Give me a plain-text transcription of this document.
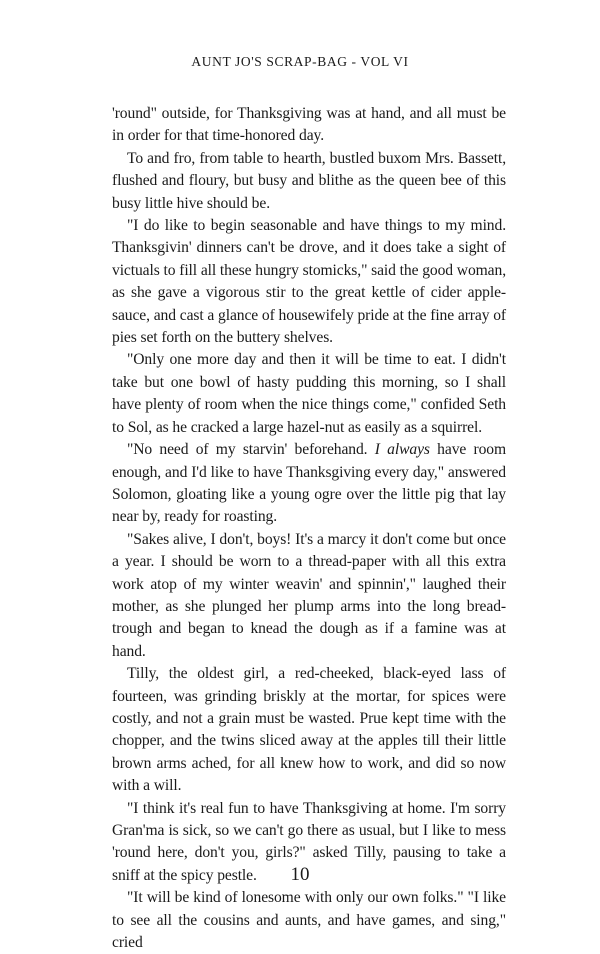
AUNT JO'S SCRAP-BAG - VOL VI

'round" outside, for Thanksgiving was at hand, and all must be in order for that time-honored day.

To and fro, from table to hearth, bustled buxom Mrs. Bassett, flushed and floury, but busy and blithe as the queen bee of this busy little hive should be.

"I do like to begin seasonable and have things to my mind. Thanksgivin' dinners can't be drove, and it does take a sight of victuals to fill all these hungry stomicks," said the good woman, as she gave a vigorous stir to the great kettle of cider apple-sauce, and cast a glance of housewifely pride at the fine array of pies set forth on the buttery shelves.

"Only one more day and then it will be time to eat. I didn't take but one bowl of hasty pudding this morning, so I shall have plenty of room when the nice things come," confided Seth to Sol, as he cracked a large hazel-nut as easily as a squirrel.

"No need of my starvin' beforehand. I always have room enough, and I'd like to have Thanksgiving every day," answered Solomon, gloating like a young ogre over the little pig that lay near by, ready for roasting.

"Sakes alive, I don't, boys! It's a marcy it don't come but once a year. I should be worn to a thread-paper with all this extra work atop of my winter weavin' and spinnin'," laughed their mother, as she plunged her plump arms into the long bread-trough and began to knead the dough as if a famine was at hand.

Tilly, the oldest girl, a red-cheeked, black-eyed lass of fourteen, was grinding briskly at the mortar, for spices were costly, and not a grain must be wasted. Prue kept time with the chopper, and the twins sliced away at the apples till their little brown arms ached, for all knew how to work, and did so now with a will.

"I think it's real fun to have Thanksgiving at home. I'm sorry Gran'ma is sick, so we can't go there as usual, but I like to mess 'round here, don't you, girls?" asked Tilly, pausing to take a sniff at the spicy pestle.

"It will be kind of lonesome with only our own folks." "I like to see all the cousins and aunts, and have games, and sing," cried

10
